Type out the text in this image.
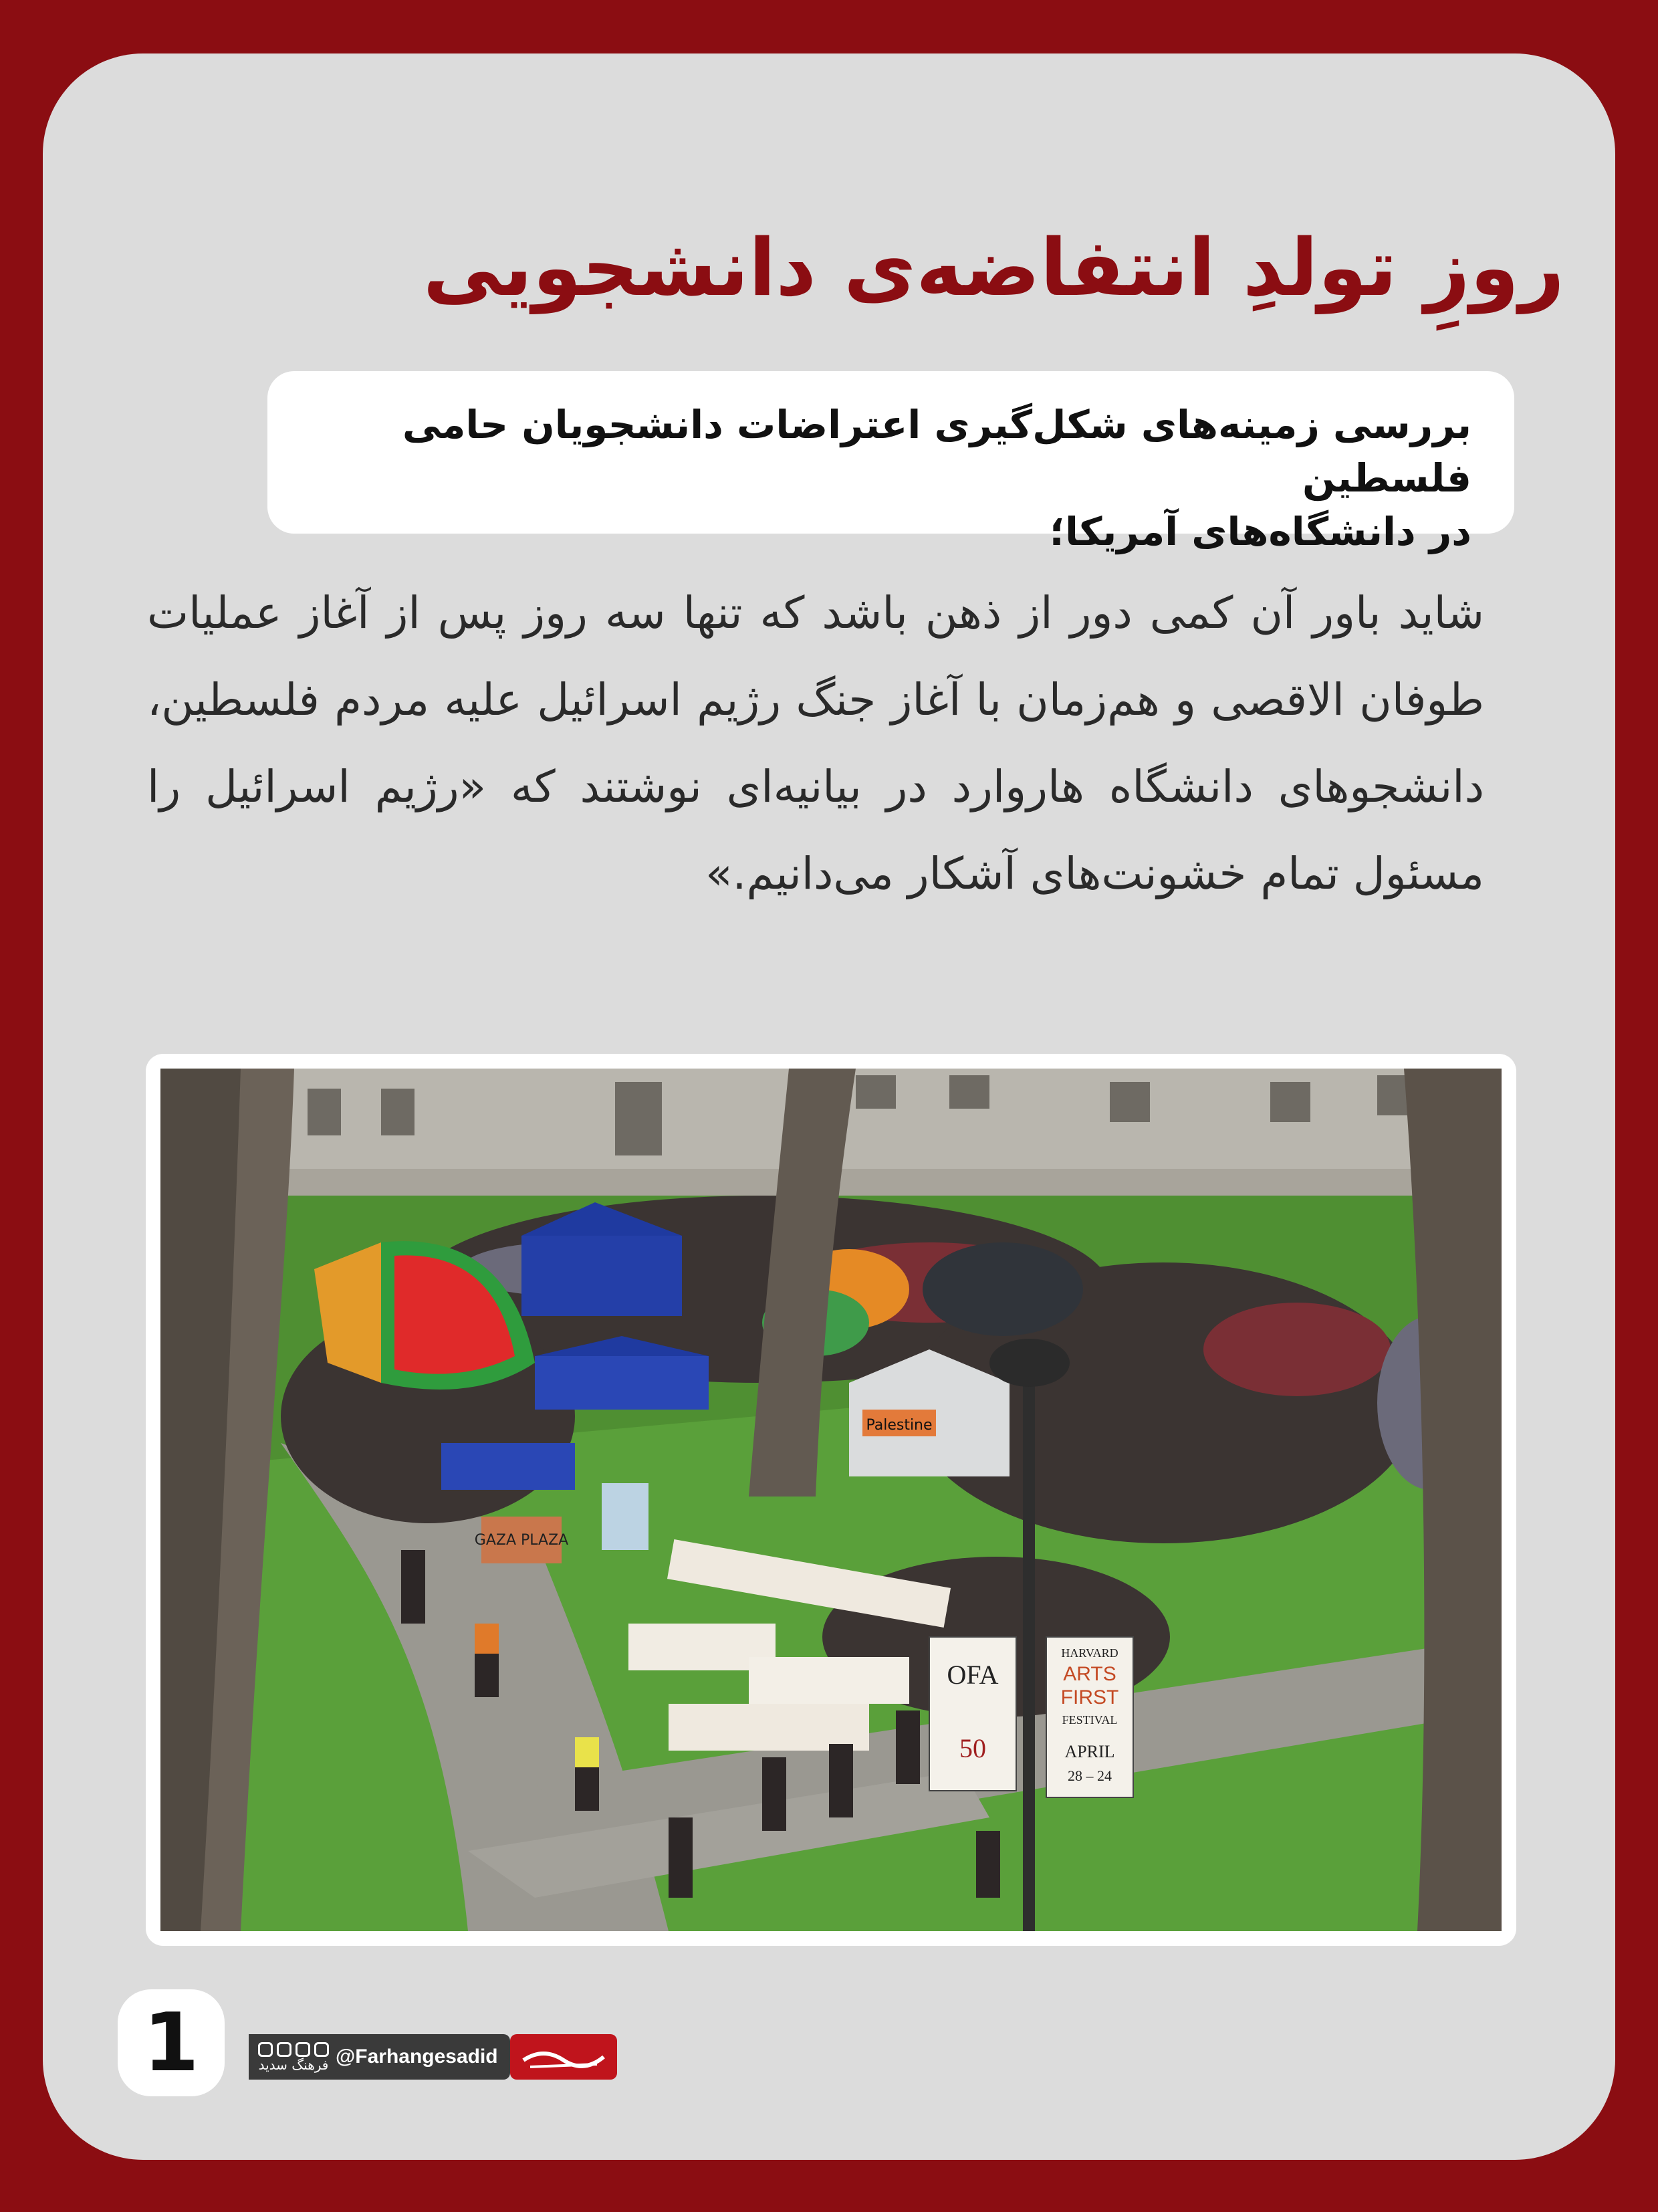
روزِ تولدِ انتفاضه‌ی دانشجویی

بررسی زمینه‌های شکل‌گیری اعتراضات دانشجویان حامی فلسطین

در دانشگاه‌های آمریکا؛

شاید باور آن کمی دور از ذهن باشد که تنها سه روز پس از آغاز عملیات طوفان الاقصی و هم‌زمان با آغاز جنگ رژیم اسرائیل علیه مردم فلسطین، دانشجوهای دانشگاه هاروارد در بیانیه‌ای نوشتند که «رژیم اسرائیل را مسئول تمام خشونت‌های آشکار می‌دانیم.»

Palestine
GAZA PLAZA
OFA
50
HARVARD
ARTS
FIRST
FESTIVAL
APRIL
24 – 28
1	فرهنگ سدید @Farhangesadid
